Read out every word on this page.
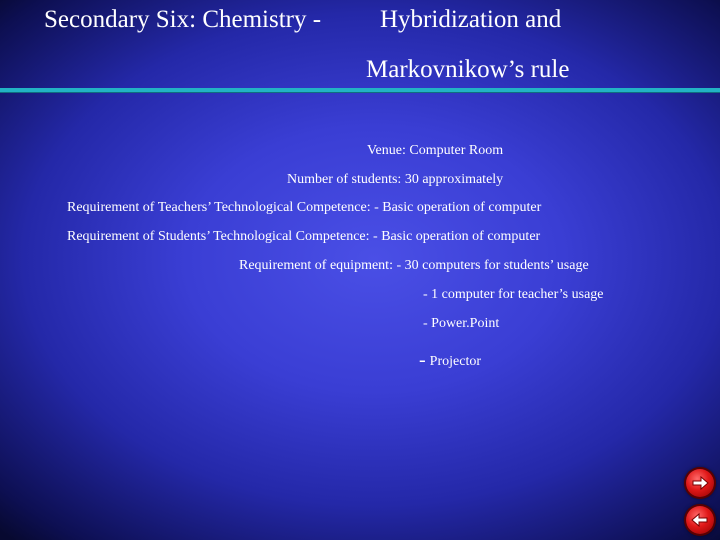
Secondary Six: Chemistry - Hybridization and
Markovnikow’s rule
Venue: Computer Room
Number of students: 30 approximately
Requirement of Teachers’ Technological Competence: - Basic operation of computer
Requirement of Students’ Technological Competence: - Basic operation of computer
Requirement of equipment: - 30 computers for students’ usage
- 1 computer for teacher’s usage
- Power.Point
- Projector
